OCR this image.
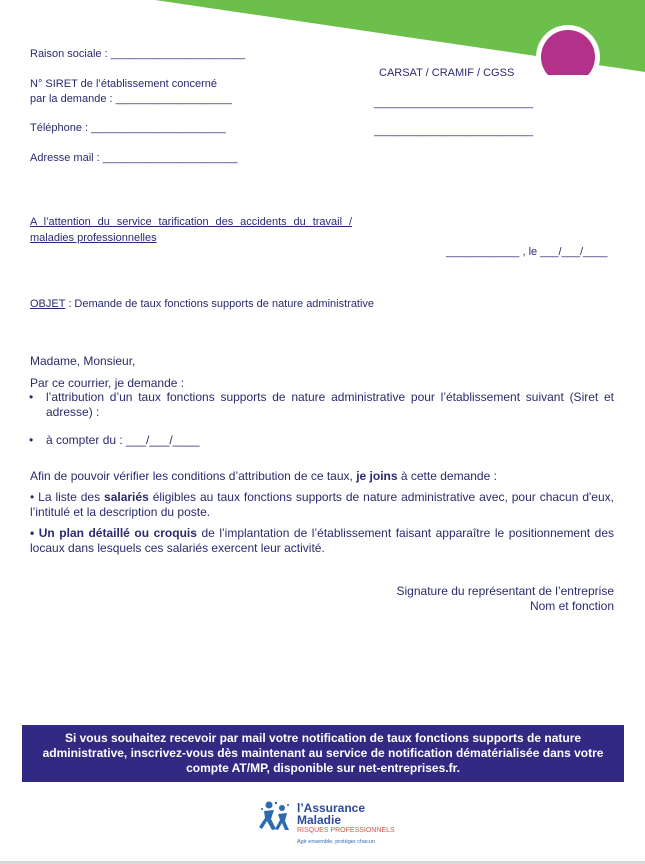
Raison sociale : ______________________
N° SIRET de l’établissement concerné
par la demande : ___________________
Téléphone : ______________________
Adresse mail : ______________________
CARSAT / CRAMIF / CGSS
__________________________
__________________________
A l’attention du service tarification des accidents du travail /
maladies professionnelles
____________ , le ___/___/____
OBJET : Demande de taux fonctions supports de nature administrative
Madame, Monsieur,
Par ce courrier, je demande :
• l’attribution d’un taux fonctions supports de nature administrative pour l’établissement suivant (Siret et adresse) :
• à compter du : ___/___/____
Afin de pouvoir vérifier les conditions d’attribution de ce taux, je joins à cette demande :
• La liste des salariés éligibles au taux fonctions supports de nature administrative avec, pour chacun d'eux, l’intitulé et la description du poste.
• Un plan détaillé ou croquis de l’implantation de l’établissement faisant apparaître le positionnement des locaux dans lesquels ces salariés exercent leur activité.
Signature du représentant de l’entreprise
Nom et fonction
Si vous souhaitez recevoir par mail votre notification de taux fonctions supports de nature administrative, inscrivez-vous dès maintenant au service de notification dématérialisée dans votre compte AT/MP, disponible sur net-entreprises.fr.
l’Assurance
Maladie
RISQUES PROFESSIONNELS
Agir ensemble, protéger chacun
